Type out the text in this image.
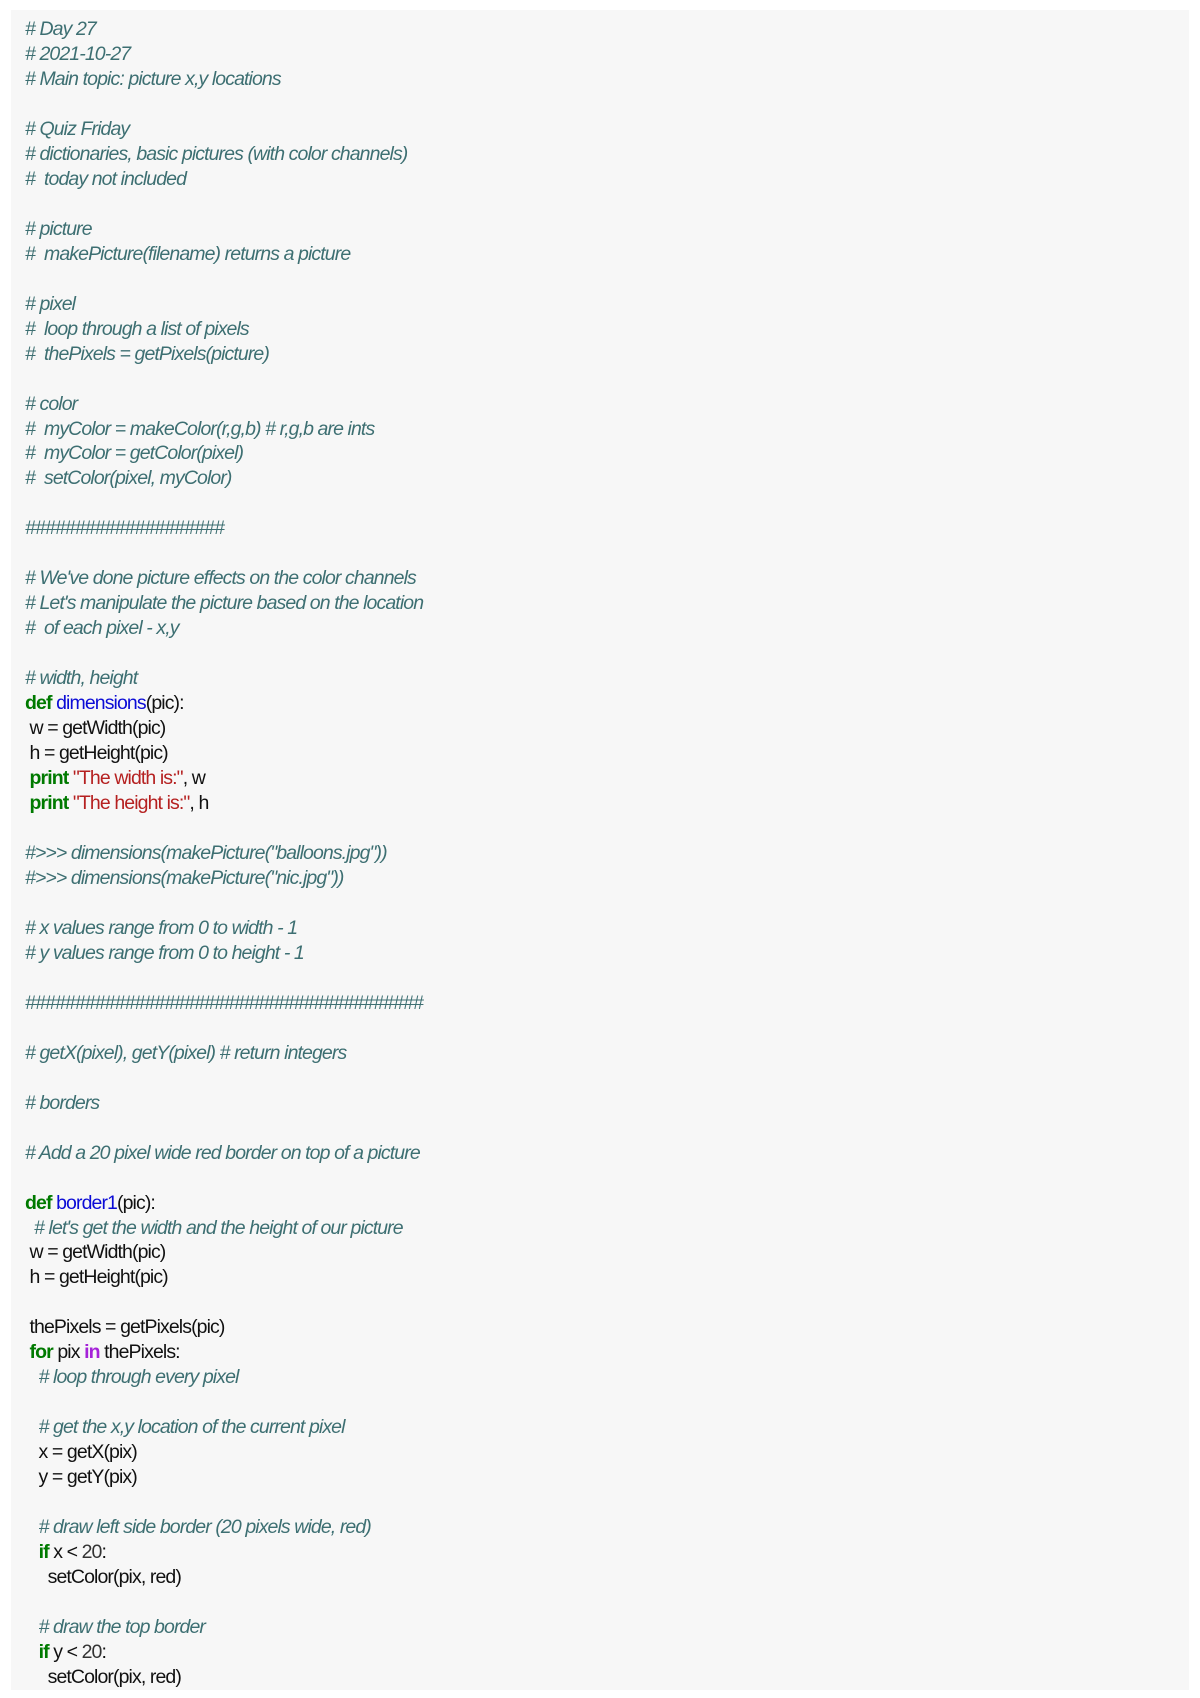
# Day 27
# 2021-10-27
# Main topic: picture x,y locations

# Quiz Friday
# dictionaries, basic pictures (with color channels)
#  today not included

# picture
#  makePicture(filename) returns a picture

# pixel
#  loop through a list of pixels
#  thePixels = getPixels(picture)

# color
#  myColor = makeColor(r,g,b) # r,g,b are ints
#  myColor = getColor(pixel)
#  setColor(pixel, myColor)

####################

# We've done picture effects on the color channels
# Let's manipulate the picture based on the location
#  of each pixel - x,y

# width, height
def dimensions(pic):
w = getWidth(pic)
h = getHeight(pic)
print "The width is:", w
print "The height is:", h

#>>> dimensions(makePicture("balloons.jpg"))
#>>> dimensions(makePicture("nic.jpg"))

# x values range from 0 to width - 1
# y values range from 0 to height - 1

########################################

# getX(pixel), getY(pixel) # return integers

# borders

# Add a 20 pixel wide red border on top of a picture

def border1(pic):
# let's get the width and the height of our picture
w = getWidth(pic)
h = getHeight(pic)

thePixels = getPixels(pic)
for pix in thePixels:
# loop through every pixel

# get the x,y location of the current pixel
x = getX(pix)
y = getY(pix)

# draw left side border (20 pixels wide, red)
if x < 20:
setColor(pix, red)

# draw the top border
if y < 20:
setColor(pix, red)
